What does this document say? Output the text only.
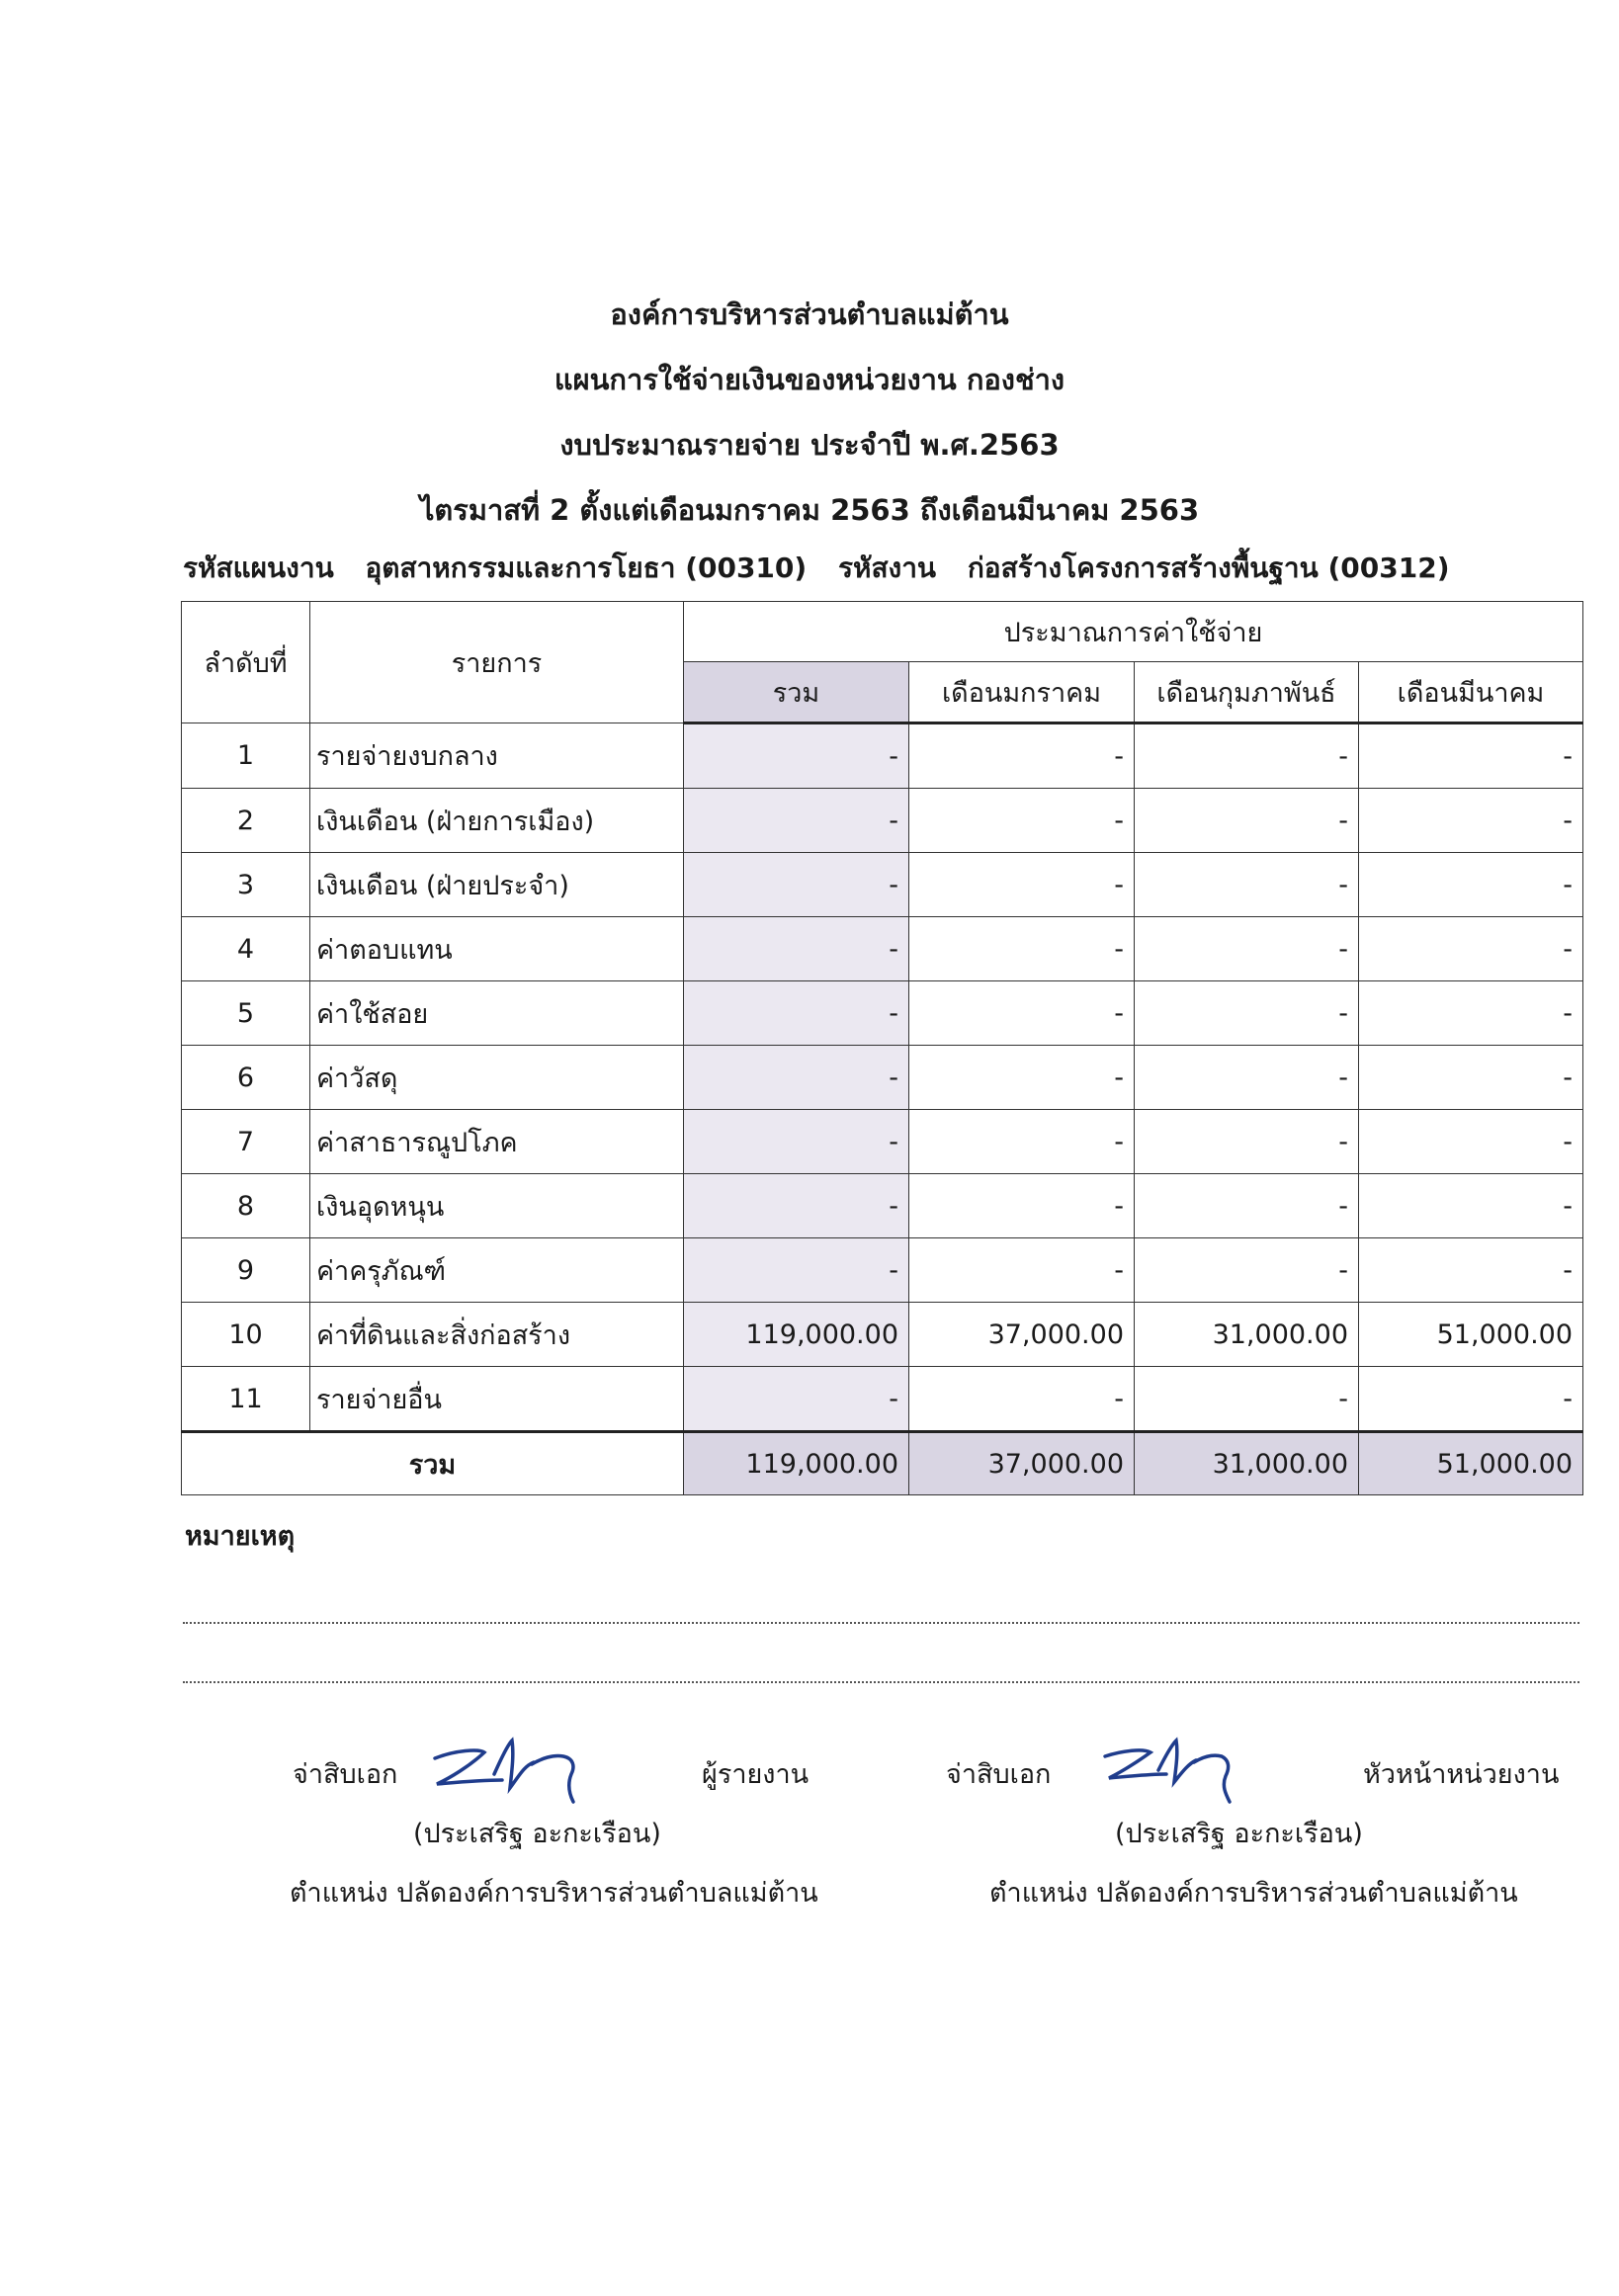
องค์การบริหารส่วนตำบลแม่ต้าน
แผนการใช้จ่ายเงินของหน่วยงาน กองช่าง
งบประมาณรายจ่าย ประจำปี พ.ศ.2563
ไตรมาสที่ 2 ตั้งแต่เดือนมกราคม 2563 ถึงเดือนมีนาคม 2563
รหัสแผนงาน อุตสาหกรรมและการโยธา (00310) รหัสงาน ก่อสร้างโครงการสร้างพื้นฐาน (00312)
ลำดับที่	รายการ	ประมาณการค่าใช้จ่าย			
		รวม	เดือนมกราคม	เดือนกุมภาพันธ์	เดือนมีนาคม
1	รายจ่ายงบกลาง	-	-	-	-
2	เงินเดือน (ฝ่ายการเมือง)	-	-	-	-
3	เงินเดือน (ฝ่ายประจำ)	-	-	-	-
4	ค่าตอบแทน	-	-	-	-
5	ค่าใช้สอย	-	-	-	-
6	ค่าวัสดุ	-	-	-	-
7	ค่าสาธารณูปโภค	-	-	-	-
8	เงินอุดหนุน	-	-	-	-
9	ค่าครุภัณฑ์	-	-	-	-
10	ค่าที่ดินและสิ่งก่อสร้าง	119,000.00	37,000.00	31,000.00	51,000.00
11	รายจ่ายอื่น	-	-	-	-
รวม		119,000.00	37,000.00	31,000.00	51,000.00
หมายเหตุ
จ่าสิบเอก	ผู้รายงาน
(ประเสริฐ อะกะเรือน)
ตำแหน่ง ปลัดองค์การบริหารส่วนตำบลแม่ต้าน
จ่าสิบเอก	หัวหน้าหน่วยงาน
(ประเสริฐ อะกะเรือน)
ตำแหน่ง ปลัดองค์การบริหารส่วนตำบลแม่ต้าน
